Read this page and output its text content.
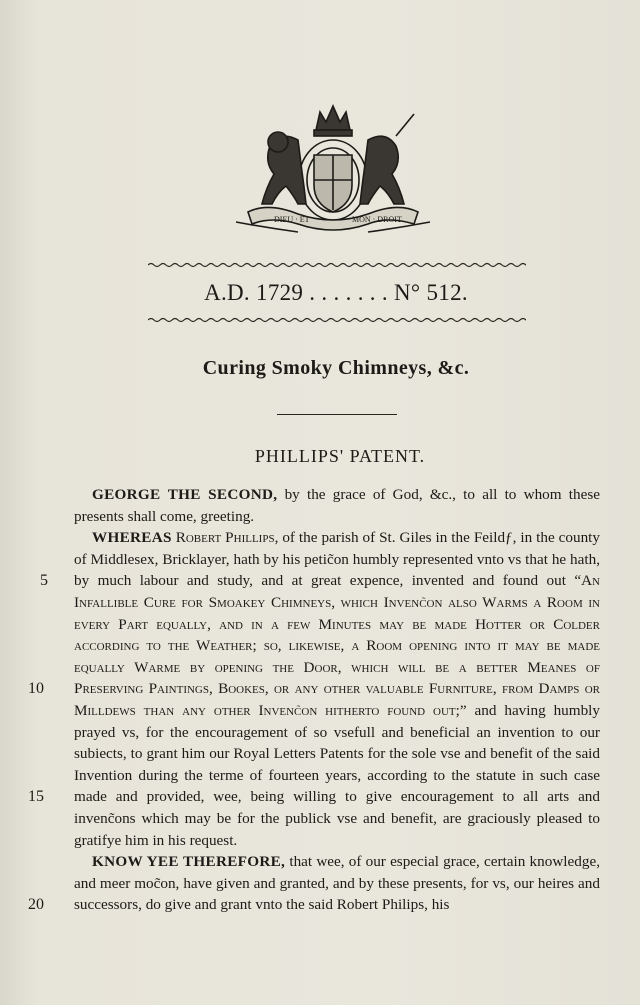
DIEU · ET	MON · DROIT
A.D. 1729 . . . . . . . N° 512.
Curing Smoky Chimneys, &c.
PHILLIPS' PATENT.
5
10
15
20

GEORGE THE SECOND, by the grace of God, &c., to all to whom these presents shall come, greeting.

WHEREAS Robert Phillips, of the parish of St. Giles in the Feildƒ, in the county of Middlesex, Bricklayer, hath by his petic̃on humbly represented vnto vs that he hath, by much labour and study, and at great expence, invented and found out “An Infallible Cure for Smoakey Chimneys, which Invenc̃on also Warms a Room in every Part equally, and in a few Minutes may be made Hotter or Colder according to the Weather; so, likewise, a Room opening into it may be made equally Warme by opening the Door, which will be a better Meanes of Preserving Paintings, Bookes, or any other valuable Furniture, from Damps or Milldews than any other Invenc̃on hitherto found out;” and having humbly prayed vs, for the encouragement of so vsefull and beneficial an invention to our subiects, to grant him our Royal Letters Patents for the sole vse and benefit of the said Invention during the terme of fourteen years, according to the statute in such case made and provided, wee, being willing to give encouragement to all arts and invenc̃ons which may be for the publick vse and benefit, are graciously pleased to gratifye him in his request.

KNOW YEE THEREFORE, that wee, of our especial grace, certain knowledge, and meer moc̃on, have given and granted, and by these presents, for vs, our heires and successors, do give and grant vnto the said Robert Philips, his
